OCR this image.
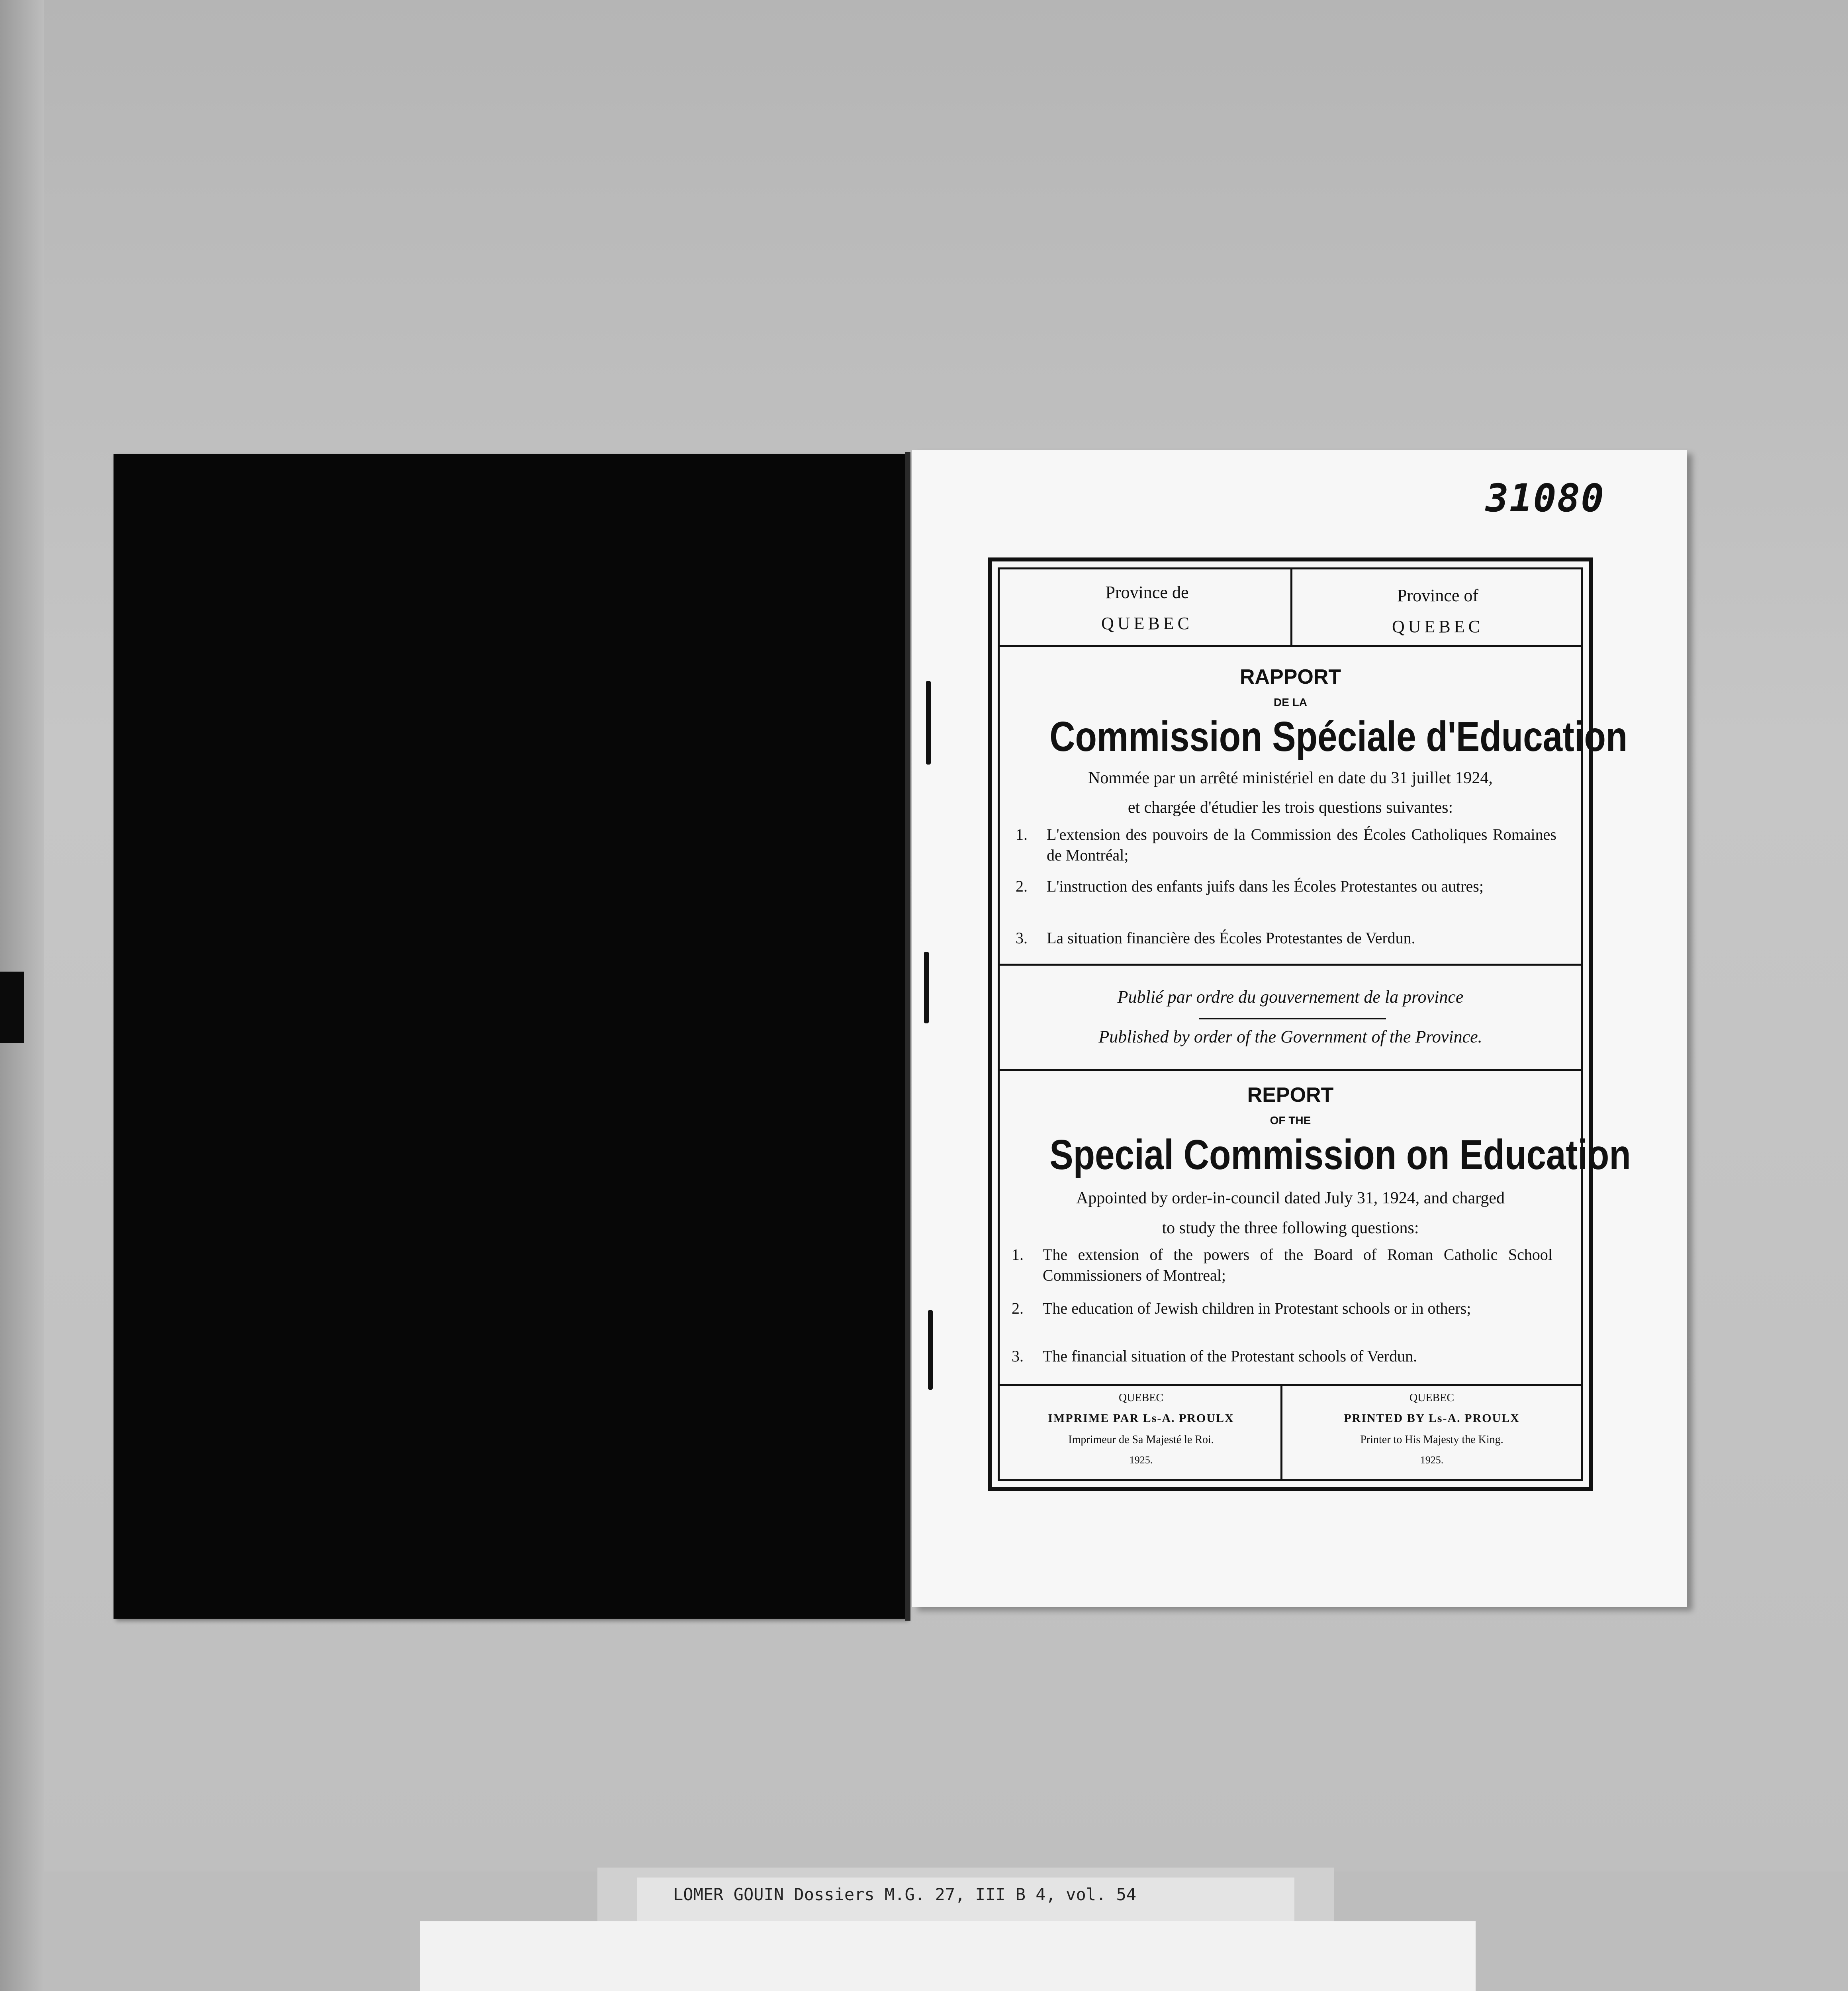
31080
Province de
QUEBEC
Province of
QUEBEC
RAPPORT
DE LA
Commission Spéciale d'Education
Nommée par un arrêté ministériel en date du 31 juillet 1924,
et chargée d'étudier les trois questions suivantes:
1. L'extension des pouvoirs de la Commission des Écoles Catholiques Romaines de Montréal;
2. L'instruction des enfants juifs dans les Écoles Protestantes ou autres;
3. La situation financière des Écoles Protestantes de Verdun.
Publié par ordre du gouvernement de la province
Published by order of the Government of the Province.
REPORT
OF THE
Special Commission on Education
Appointed by order-in-council dated July 31, 1924, and charged
to study the three following questions:
1. The extension of the powers of the Board of Roman Catholic School Commissioners of Montreal;
2. The education of Jewish children in Protestant schools or in others;
3. The financial situation of the Protestant schools of Verdun.
QUEBEC
IMPRIME PAR Ls-A. PROULX
Imprimeur de Sa Majesté le Roi.
1925.
QUEBEC
PRINTED BY Ls-A. PROULX
Printer to His Majesty the King.
1925.
LOMER GOUIN Dossiers M.G. 27, III B 4, vol. 54
